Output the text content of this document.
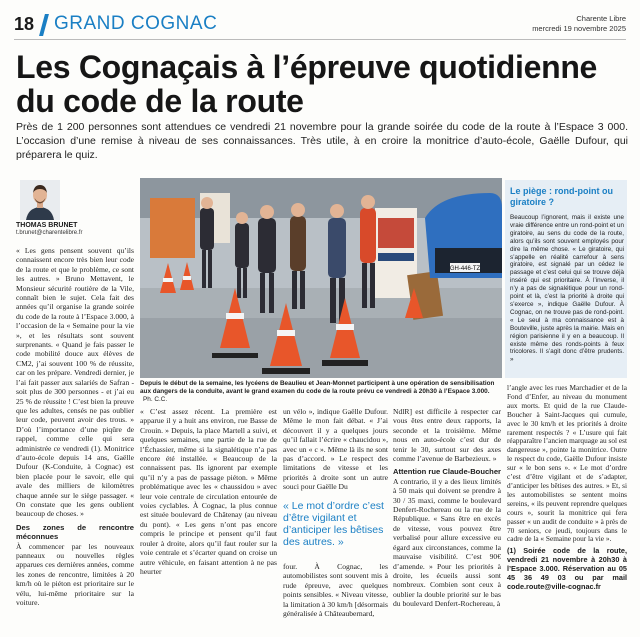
18 GRAND COGNAC	Charente Libre
mercredi 19 novembre 2025
Les Cognaçais à l’épreuve quotidienne du code de la route

Près de 1 200 personnes sont attendues ce vendredi 21 novembre pour la grande soirée du code de la route à l’Espace 3 000. L’occasion d’une remise à niveau de ses connaissances. Très utile, à en croire la monitrice d’auto-école, Gaëlle Dufour, qui préparera le quiz.

THOMAS BRUNET
t.brunet@charentelibre.fr

« Les gens pensent souvent qu’ils connaissent encore très bien leur code de la route et que le problème, ce sont les autres. » Bruno Mettavent, le Monsieur sécurité routière de la Vile, connaît bien le sujet. Cela fait des années qu’il organise la grande soirée du code de la route à l’Espace 3.000, à l’occasion de la « Semaine pour la vie », et les résultats sont souvent surprenants. « Quand je fais passer le code mobilité douce aux élèves de CM2, j’ai souvent 100 % de réussite, car on les prépare. Vendredi dernier, je l’ai fait passer aux salariés de Safran - soit plus de 300 personnes - et j’ai eu 25 % de réussite ! C’est bien la preuve que les adultes, censés ne pas oublier leur code, peuvent avoir des trous. » D’où l’importance d’une piqûre de rappel, comme celle qui sera administrée ce vendredi (1). Monitrice d’auto-école depuis 14 ans, Gaëlle Dufour (K-Conduite, à Cognac) est bien placée pour le savoir, elle qui avale des milliers de kilomètres chaque année sur le siège passager. « On constate que les gens oublient beaucoup de choses. »

Des zones de rencontre méconnues

À commencer par les nouveaux panneaux ou nouvelles règles apparues ces dernières années, comme les zones de rencontre, limitées à 20 km/h où le piéton est prioritaire sur le vélu, lui-même prioritaire sur la voiture.

GH-446-TZ
Depuis le début de la semaine, les lycéens de Beaulieu et Jean-Monnet participent à une opération de sensibilisation aux dangers de la conduite, avant le grand examen du code de la route prévu ce vendredi à 20h30 à l’Espace 3.000. Ph. C.C.

« C’est assez récent. La première est apparue il y a huit ans environ, rue Basse de Crouin. » Depuis, la place Martell a suivi, et quelques semaines, une partie de la rue de l’Échassier, même si la signalétique n’a pas encore été installée. « Beaucoup de la connaissent pas. Ils ignorent par exemple qu’il n’y a pas de passage piéton. » Même problématique avec les « chaussidou » avec leur voie centrale de circulation entourée de voies cyclables. À Cognac, la plus connue est située boulevard de Châtenay (au niveau du pont). « Les gens n’ont pas encore compris le principe et pensent qu’il faut rouler à droite, alors qu’il faut rouler sur la voie centrale et s’écarter quand on croise un autre véhicule, en faisant attention à ne pas heurter

un vélo », indique Gaëlle Dufour. Même le mon fait débat. « J’ai découvert il y a quelques jours qu’il fallait l’écrire « chaucidou », avec un « c ». Même là ils ne sont pas d’accord. » Le respect des limitations de vitesse et les priorités à droite sont un autre souci pour Gaëlle Du

« Le mot d’ordre c’est d’être vigilant et d’anticiper les bêtises des autres. »

four. À Cognac, les automobilistes sont souvent mis à rude épreuve, avec quelques points sensibles. « Niveau vitesse, la limitation à 30 km/h [désormais généralisée à Châteaubernard,

NdlR] est difficile à respecter car vous êtes entre deux rapports, la seconde et la troisième. Même nous en auto-école c’est dur de tenir le 30, surtout sur des axes comme l’avenue de Barbezieux. »

Attention rue Claude-Boucher

A contrario, il y a des lieux limités à 50 mais qui doivent se prendre à 30 / 35 maxi, comme le boulevard Denfert-Rochereau ou la rue de la République. « Sans être en excès de vitesse, vous pouvez être verbalisé pour allure excessive eu égard aux circonstances, comme la mauvaise visibilité. C’est 90€ d’amende. » Pour les priorités à droite, les écueils aussi sont nombreux. Combien sont ceux à oublier la double priorité sur le bas du boulevard Denfert-Rochereau, à

Le piège : rond-point ou giratoire ?
Beaucoup l’ignorent, mais il existe une vraie différence entre un rond-point et un giratoire, au sens du code de la route, alors qu’ils sont souvent employés pour dire la même chose. « Le giratoire, qui s’appelle en réalité carrefour à sens giratoire, est signalé par un cédez le passage et c’est celui qui se trouve déjà inséré qui est prioritaire. À l’inverse, il n’y a pas de signalétique pour un rond-point et là, c’est la priorité à droite qui s’exerce », indique Gaëlle Dufour. À Cognac, on ne trouve pas de rond-point. « Le seul à ma connaissance est à Bouteville, juste après la mairie. Mais en région parisienne il y en a beaucoup. Il existe même des ronds-points à feux tricolores. Il s’agit donc d’être prudents. »

l’angle avec les rues Marchadier et de la Fond d’Enfer, au niveau du monument aux morts. Et quid de la rue Claude-Boucher à Saint-Jacques qui cumule, avec le 30 km/h et les priorités à droite rarement respectés ? « L’usure qui fait réapparaître l’ancien marquage au sol est dangereuse », pointe la monitrice. Outre le respect du code, Gaëlle Dufour insiste sur « le bon sens ». « Le mot d’ordre c’est d’être vigilant et de s’adapter, d’anticiper les bêtises des autres. » Et, si les automobilistes se sentent moins sereins, « ils peuvent reprendre quelques cours », sourit la monitrice qui fera passer « un audit de conduite » à près de 70 seniors, ce jeudi, toujours dans le cadre de la « Semaine pour la vie ».

(1) Soirée code de la route, vendredi 21 novembre à 20h30 à l’Espace 3.000. Réservation au 05 45 36 49 03 ou par mail code.route@ville-cognac.fr
